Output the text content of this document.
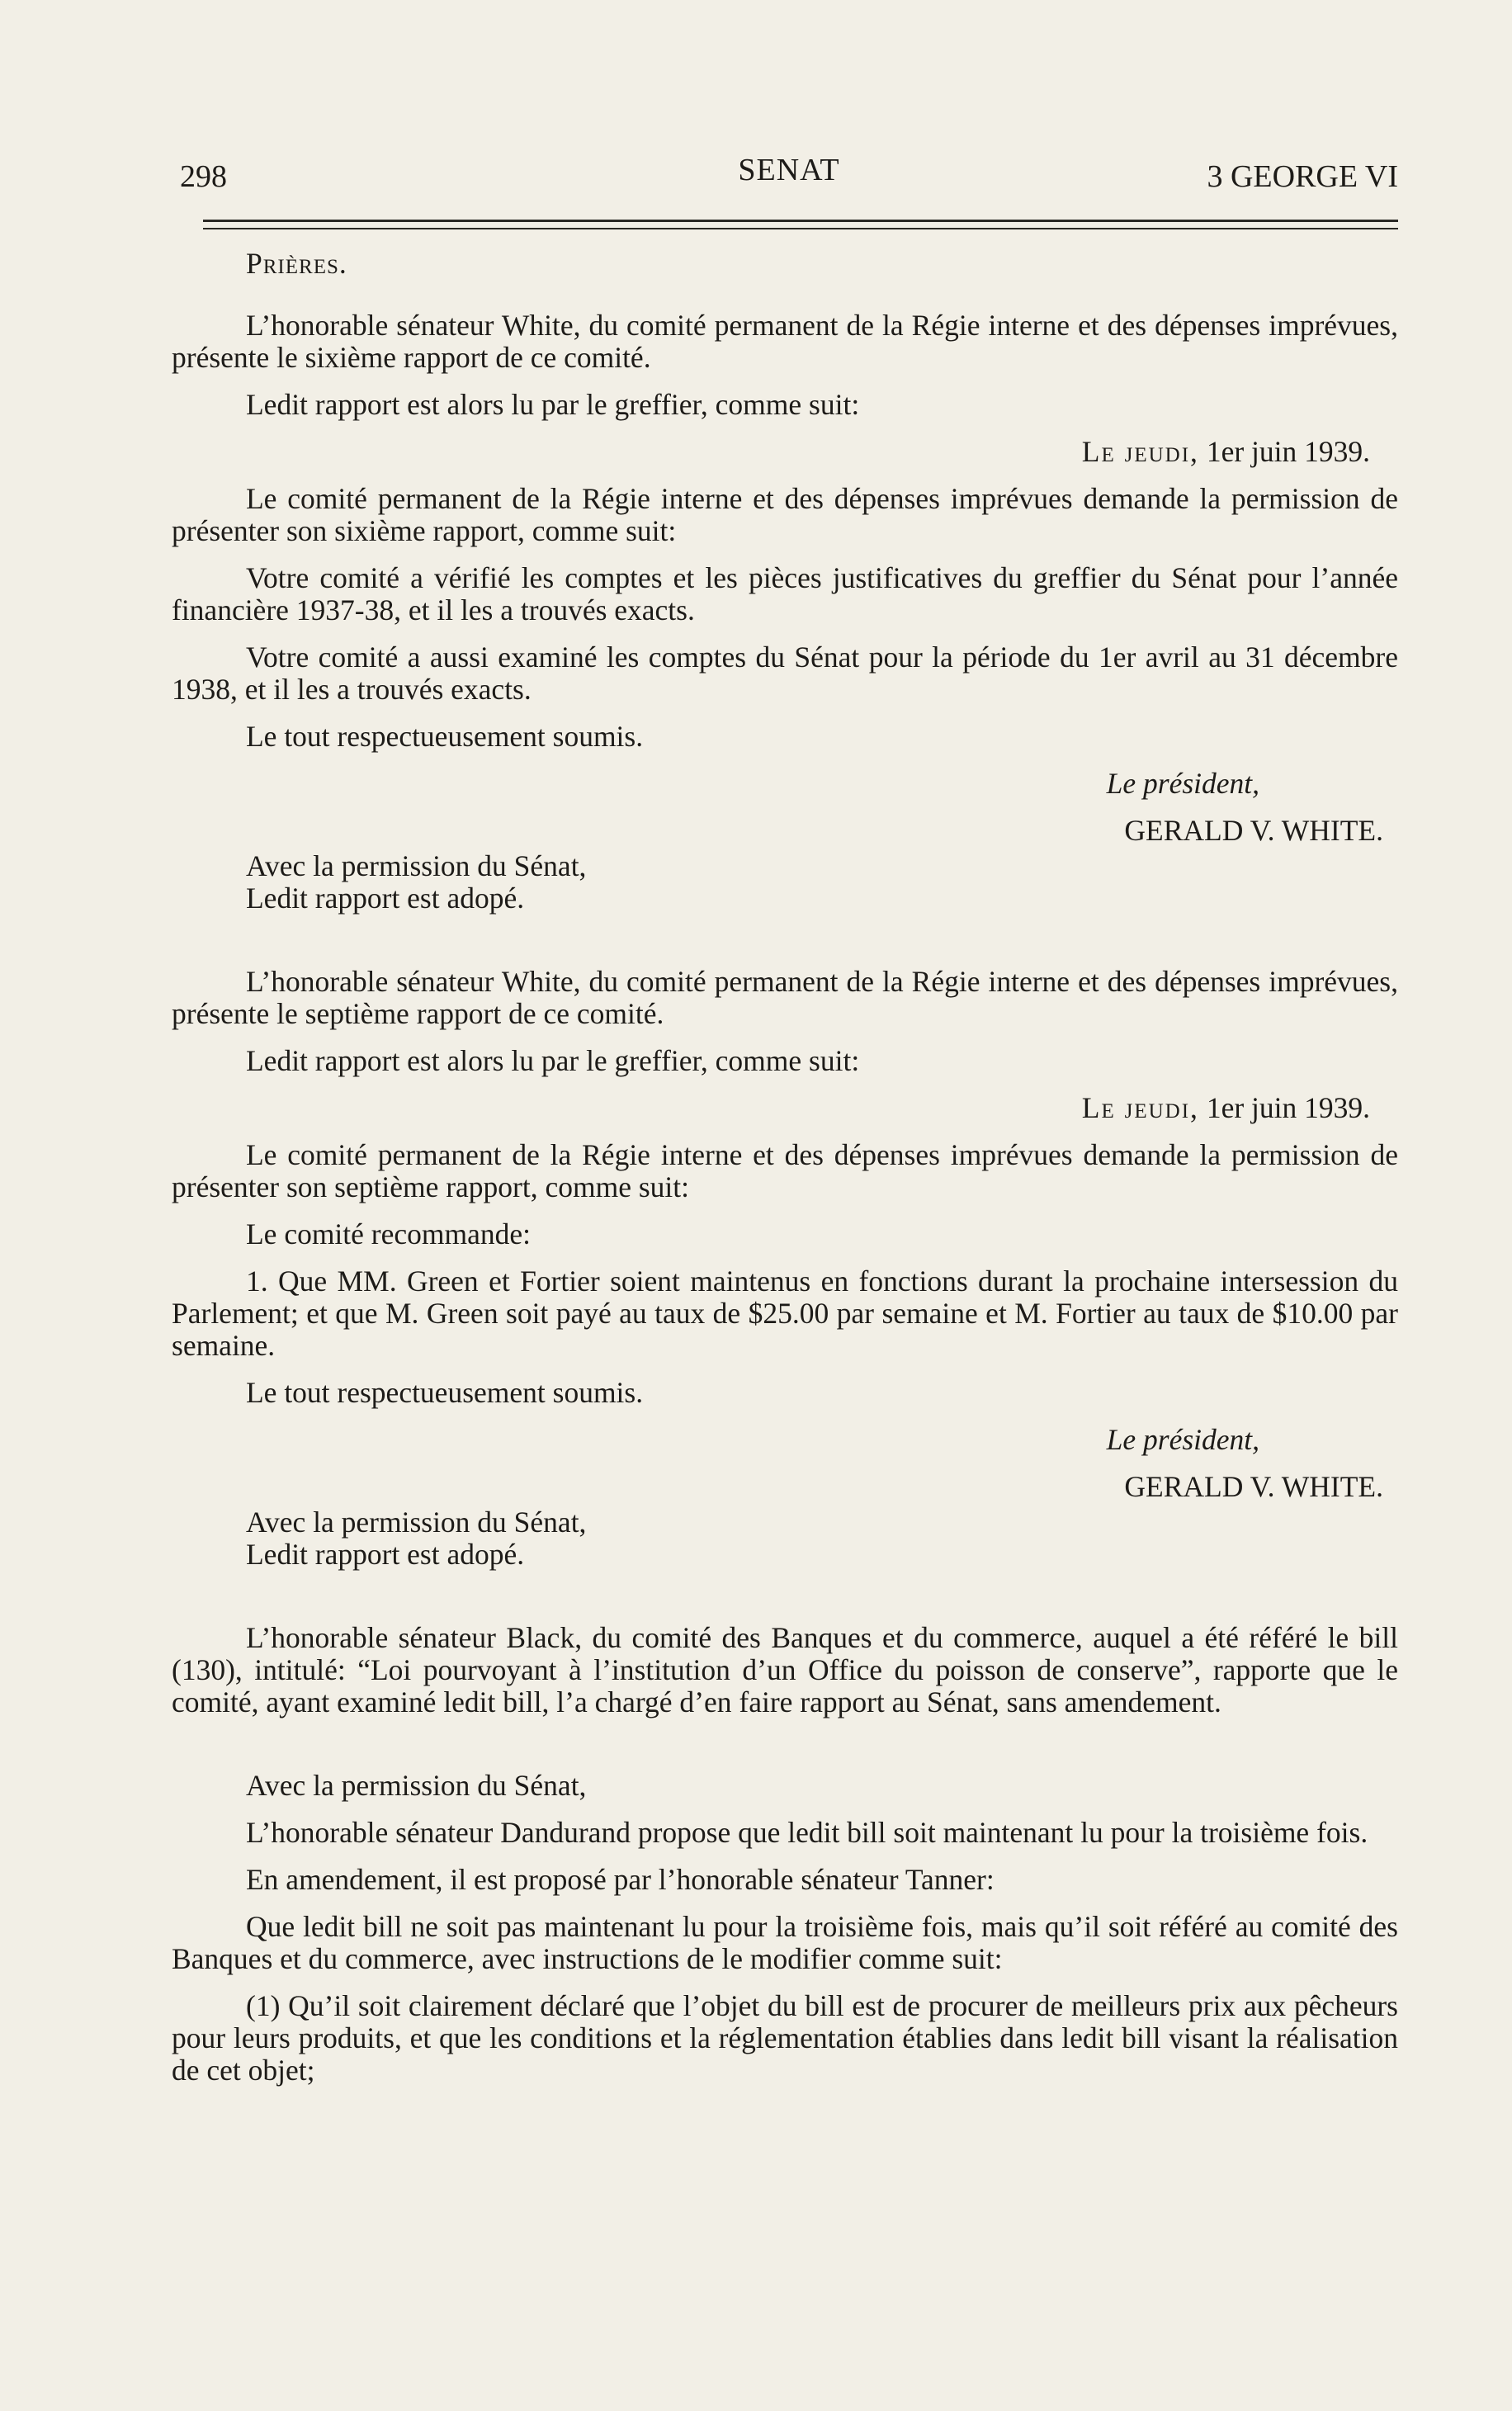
298	SENAT	3 GEORGE VI

Prières.

L’honorable sénateur White, du comité permanent de la Régie interne et des dépenses imprévues, présente le sixième rapport de ce comité.

Ledit rapport est alors lu par le greffier, comme suit:

Le jeudi, 1er juin 1939.

Le comité permanent de la Régie interne et des dépenses imprévues demande la permission de présenter son sixième rapport, comme suit:

Votre comité a vérifié les comptes et les pièces justificatives du greffier du Sénat pour l’année financière 1937-38, et il les a trouvés exacts.

Votre comité a aussi examiné les comptes du Sénat pour la période du 1er avril au 31 décembre 1938, et il les a trouvés exacts.

Le tout respectueusement soumis.

Le président,

GERALD V. WHITE.

Avec la permission du Sénat,

Ledit rapport est adopé.

L’honorable sénateur White, du comité permanent de la Régie interne et des dépenses imprévues, présente le septième rapport de ce comité.

Ledit rapport est alors lu par le greffier, comme suit:

Le jeudi, 1er juin 1939.

Le comité permanent de la Régie interne et des dépenses imprévues demande la permission de présenter son septième rapport, comme suit:

Le comité recommande:

1. Que MM. Green et Fortier soient maintenus en fonctions durant la prochaine intersession du Parlement; et que M. Green soit payé au taux de $25.00 par semaine et M. Fortier au taux de $10.00 par semaine.

Le tout respectueusement soumis.

Le président,

GERALD V. WHITE.

Avec la permission du Sénat,

Ledit rapport est adopé.

L’honorable sénateur Black, du comité des Banques et du commerce, auquel a été référé le bill (130), intitulé: “Loi pourvoyant à l’institution d’un Office du poisson de conserve”, rapporte que le comité, ayant examiné ledit bill, l’a chargé d’en faire rapport au Sénat, sans amendement.

Avec la permission du Sénat,

L’honorable sénateur Dandurand propose que ledit bill soit maintenant lu pour la troisième fois.

En amendement, il est proposé par l’honorable sénateur Tanner:

Que ledit bill ne soit pas maintenant lu pour la troisième fois, mais qu’il soit référé au comité des Banques et du commerce, avec instructions de le modifier comme suit:

(1) Qu’il soit clairement déclaré que l’objet du bill est de procurer de meilleurs prix aux pêcheurs pour leurs produits, et que les conditions et la réglementation établies dans ledit bill visant la réalisation de cet objet;
